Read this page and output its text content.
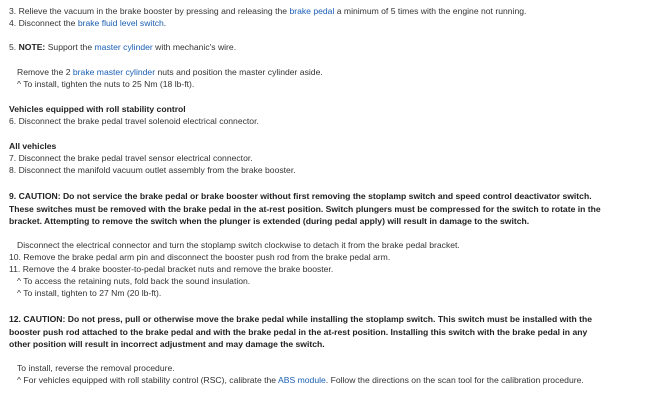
3. Relieve the vacuum in the brake booster by pressing and releasing the brake pedal a minimum of 5 times with the engine not running.
4. Disconnect the brake fluid level switch.
5. NOTE: Support the master cylinder with mechanic's wire.
Remove the 2 brake master cylinder nuts and position the master cylinder aside.
^ To install, tighten the nuts to 25 Nm (18 lb-ft).
Vehicles equipped with roll stability control
6. Disconnect the brake pedal travel solenoid electrical connector.
All vehicles
7. Disconnect the brake pedal travel sensor electrical connector.
8. Disconnect the manifold vacuum outlet assembly from the brake booster.
9. CAUTION: Do not service the brake pedal or brake booster without first removing the stoplamp switch and speed control deactivator switch. These switches must be removed with the brake pedal in the at-rest position. Switch plungers must be compressed for the switch to rotate in the bracket. Attempting to remove the switch when the plunger is extended (during pedal apply) will result in damage to the switch.
Disconnect the electrical connector and turn the stoplamp switch clockwise to detach it from the brake pedal bracket.
10. Remove the brake pedal arm pin and disconnect the booster push rod from the brake pedal arm.
11. Remove the 4 brake booster-to-pedal bracket nuts and remove the brake booster.
^ To access the retaining nuts, fold back the sound insulation.
^ To install, tighten to 27 Nm (20 lb-ft).
12. CAUTION: Do not press, pull or otherwise move the brake pedal while installing the stoplamp switch. This switch must be installed with the booster push rod attached to the brake pedal and with the brake pedal in the at-rest position. Installing this switch with the brake pedal in any other position will result in incorrect adjustment and may damage the switch.
To install, reverse the removal procedure.
^ For vehicles equipped with roll stability control (RSC), calibrate the ABS module. Follow the directions on the scan tool for the calibration procedure.
